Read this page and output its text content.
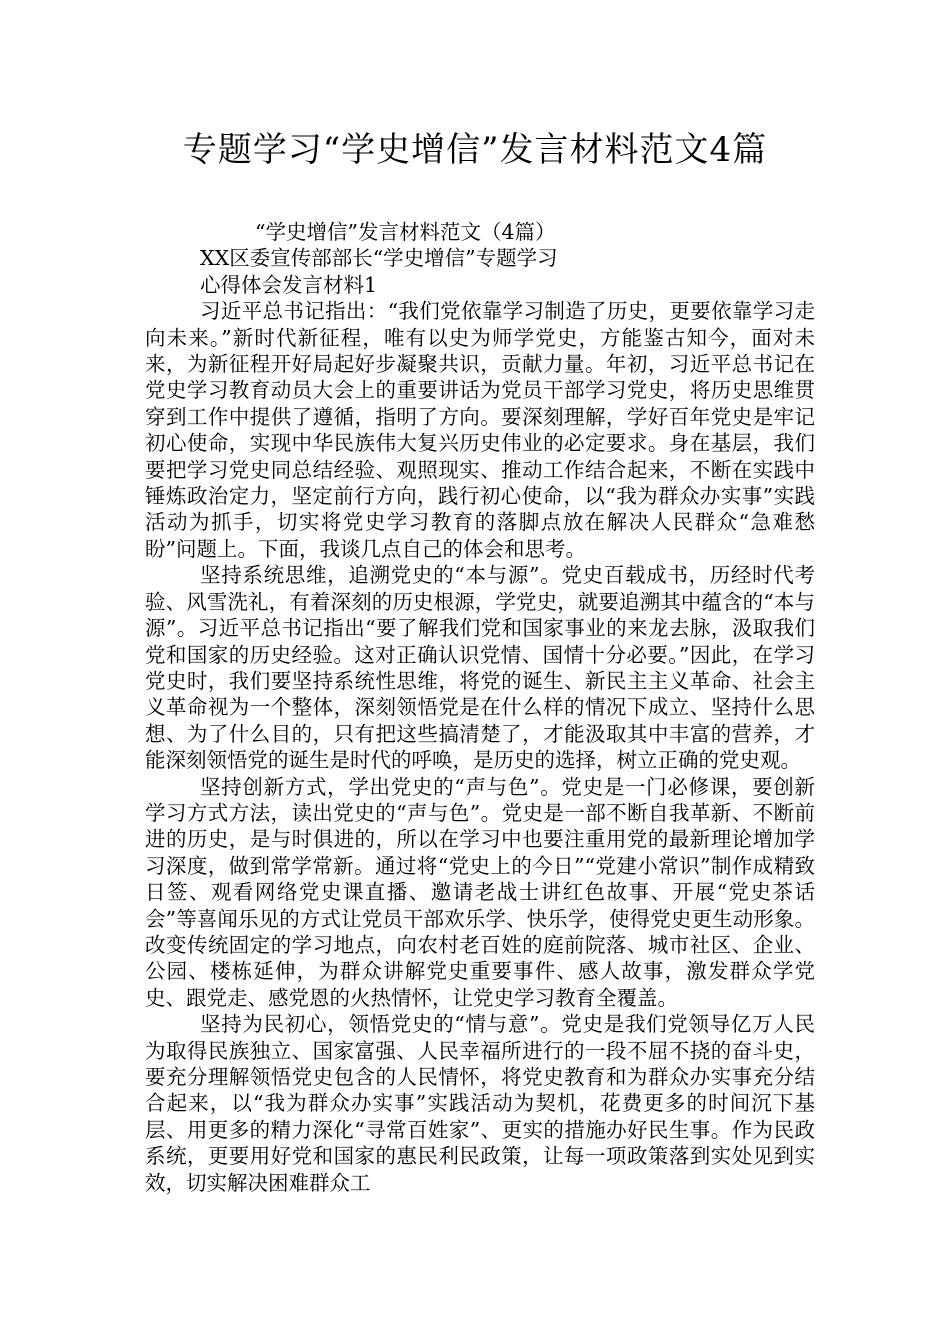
专题学习“学史增信”发言材料范文4篇

“学史增信”发言材料范文（4篇）

XX区委宣传部部长“学史增信”专题学习

心得体会发言材料1

习近平总书记指出：“我们党依靠学习制造了历史，更要依靠学习走向未来。”新时代新征程，唯有以史为师学党史，方能鉴古知今，面对未来，为新征程开好局起好步凝聚共识，贡献力量。年初，习近平总书记在党史学习教育动员大会上的重要讲话为党员干部学习党史，将历史思维贯穿到工作中提供了遵循，指明了方向。要深刻理解，学好百年党史是牢记初心使命，实现中华民族伟大复兴历史伟业的必定要求。身在基层，我们要把学习党史同总结经验、观照现实、推动工作结合起来，不断在实践中锤炼政治定力，坚定前行方向，践行初心使命，以“我为群众办实事”实践活动为抓手，切实将党史学习教育的落脚点放在解决人民群众“急难愁盼”问题上。下面，我谈几点自己的体会和思考。

坚持系统思维，追溯党史的“本与源”。党史百载成书，历经时代考验、风雪洗礼，有着深刻的历史根源，学党史，就要追溯其中蕴含的“本与源”。习近平总书记指出“要了解我们党和国家事业的来龙去脉，汲取我们党和国家的历史经验。这对正确认识党情、国情十分必要。”因此，在学习党史时，我们要坚持系统性思维，将党的诞生、新民主主义革命、社会主义革命视为一个整体，深刻领悟党是在什么样的情况下成立、坚持什么思想、为了什么目的，只有把这些搞清楚了，才能汲取其中丰富的营养，才能深刻领悟党的诞生是时代的呼唤，是历史的选择，树立正确的党史观。

坚持创新方式，学出党史的“声与色”。党史是一门必修课，要创新学习方式方法，读出党史的“声与色”。党史是一部不断自我革新、不断前进的历史，是与时俱进的，所以在学习中也要注重用党的最新理论增加学习深度，做到常学常新。通过将“党史上的今日”“党建小常识”制作成精致日签、观看网络党史课直播、邀请老战士讲红色故事、开展“党史茶话会”等喜闻乐见的方式让党员干部欢乐学、快乐学，使得党史更生动形象。改变传统固定的学习地点，向农村老百姓的庭前院落、城市社区、企业、公园、楼栋延伸，为群众讲解党史重要事件、感人故事，激发群众学党史、跟党走、感党恩的火热情怀，让党史学习教育全覆盖。

坚持为民初心，领悟党史的“情与意”。党史是我们党领导亿万人民为取得民族独立、国家富强、人民幸福所进行的一段不屈不挠的奋斗史，要充分理解领悟党史包含的人民情怀，将党史教育和为群众办实事充分结合起来，以“我为群众办实事”实践活动为契机，花费更多的时间沉下基层、用更多的精力深化“寻常百姓家”、更实的措施办好民生事。作为民政系统，更要用好党和国家的惠民利民政策，让每一项政策落到实处见到实效，切实解决困难群众工
